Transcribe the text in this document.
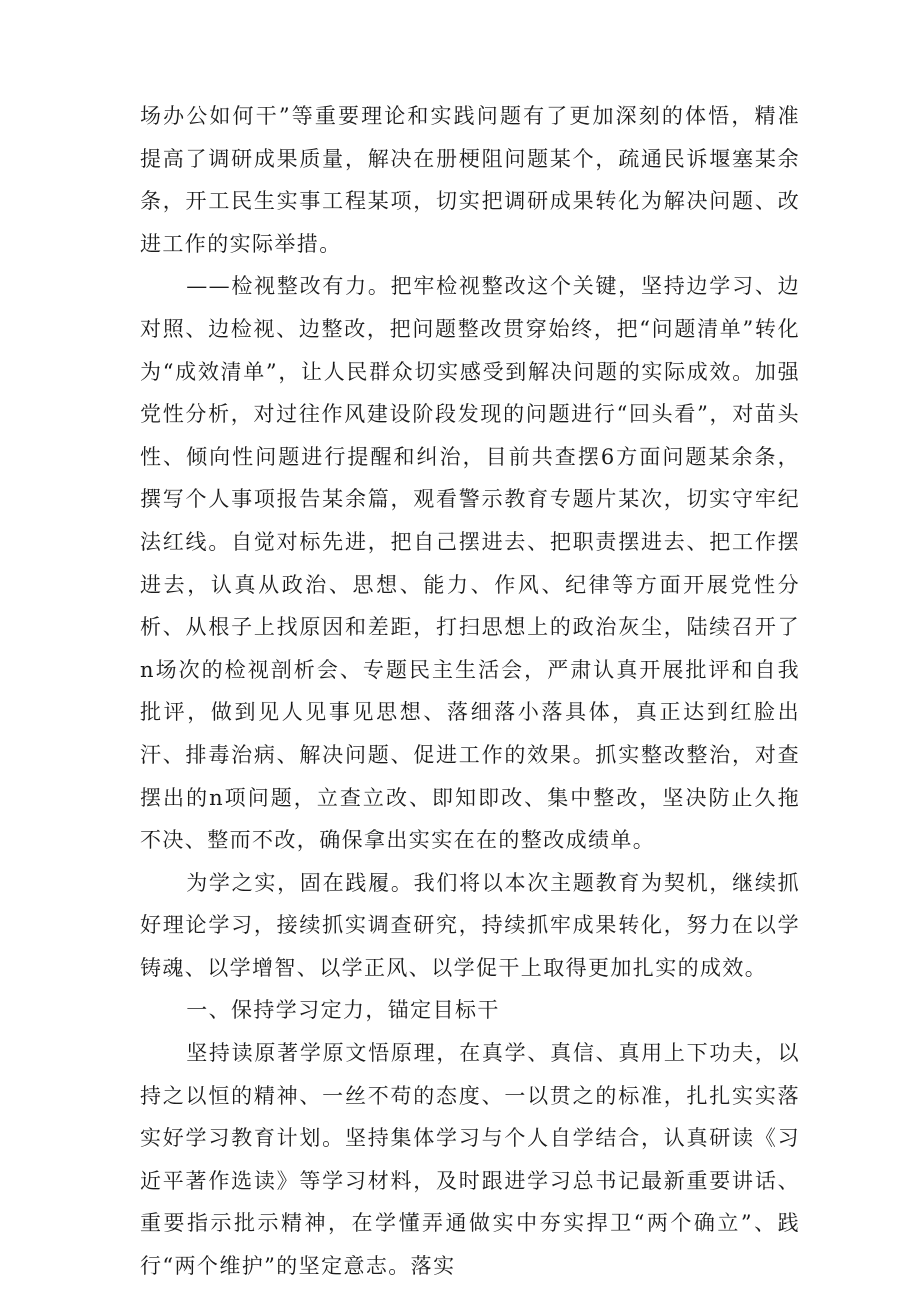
场办公如何干”等重要理论和实践问题有了更加深刻的体悟，精准提高了调研成果质量，解决在册梗阻问题某个，疏通民诉堰塞某余条，开工民生实事工程某项，切实把调研成果转化为解决问题、改进工作的实际举措。

——检视整改有力。把牢检视整改这个关键，坚持边学习、边对照、边检视、边整改，把问题整改贯穿始终，把“问题清单”转化为“成效清单”，让人民群众切实感受到解决问题的实际成效。加强党性分析，对过往作风建设阶段发现的问题进行“回头看”，对苗头性、倾向性问题进行提醒和纠治，目前共查摆6方面问题某余条，撰写个人事项报告某余篇，观看警示教育专题片某次，切实守牢纪法红线。自觉对标先进，把自己摆进去、把职责摆进去、把工作摆进去，认真从政治、思想、能力、作风、纪律等方面开展党性分析、从根子上找原因和差距，打扫思想上的政治灰尘，陆续召开了n场次的检视剖析会、专题民主生活会，严肃认真开展批评和自我批评，做到见人见事见思想、落细落小落具体，真正达到红脸出汗、排毒治病、解决问题、促进工作的效果。抓实整改整治，对查摆出的n项问题，立查立改、即知即改、集中整改，坚决防止久拖不决、整而不改，确保拿出实实在在的整改成绩单。

为学之实，固在践履。我们将以本次主题教育为契机，继续抓好理论学习，接续抓实调查研究，持续抓牢成果转化，努力在以学铸魂、以学增智、以学正风、以学促干上取得更加扎实的成效。

一、保持学习定力，锚定目标干

坚持读原著学原文悟原理，在真学、真信、真用上下功夫，以持之以恒的精神、一丝不苟的态度、一以贯之的标准，扎扎实实落实好学习教育计划。坚持集体学习与个人自学结合，认真研读《习近平著作选读》等学习材料，及时跟进学习总书记最新重要讲话、重要指示批示精神，在学懂弄通做实中夯实捍卫“两个确立”、践行“两个维护”的坚定意志。落实
